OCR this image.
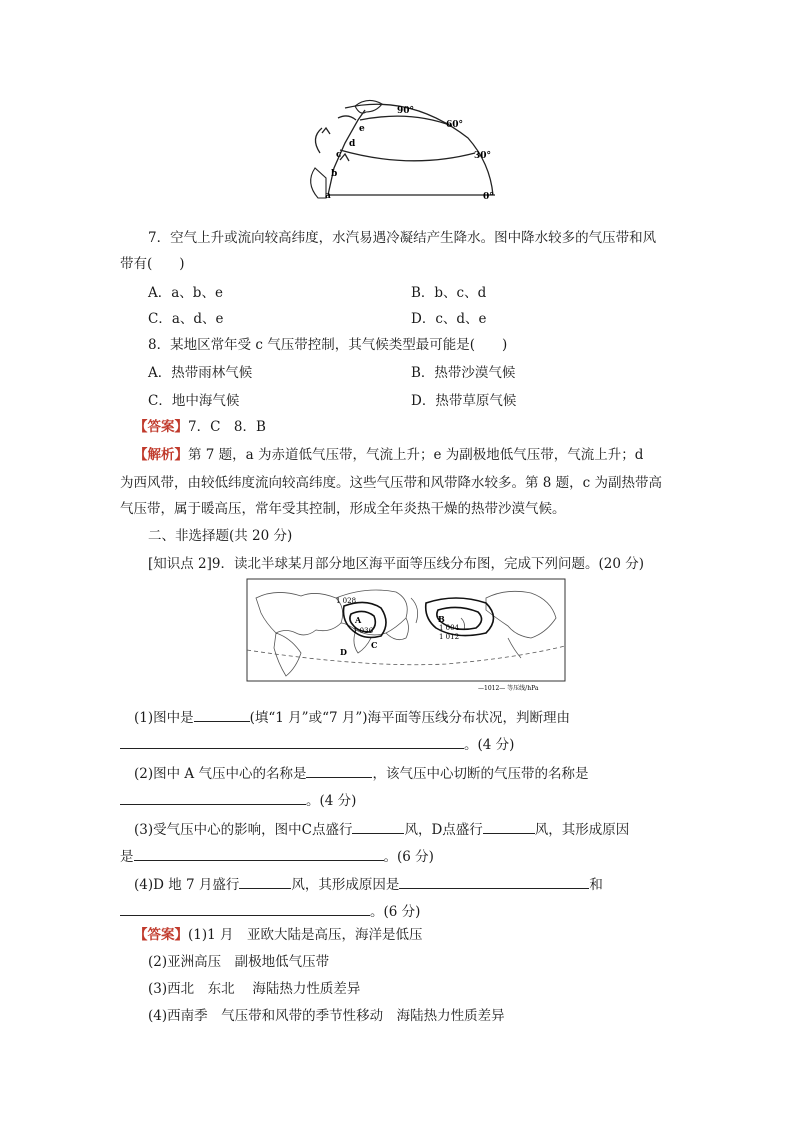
90°
60°
30°
0°
a
b
c
d
e
7．空气上升或流向较高纬度，水汽易遇冷凝结产生降水。图中降水较多的气压带和风
带有(　　)
A．a、b、e	B．b、c、d
C．a、d、e	D．c、d、e
8．某地区常年受 c 气压带控制，其气候类型最可能是(　　)
A．热带雨林气候	B．热带沙漠气候
C．地中海气候	D．热带草原气候
【答案】7．C　8．B
【解析】第 7 题，a 为赤道低气压带，气流上升；e 为副极地低气压带，气流上升；d
为西风带，由较低纬度流向较高纬度。这些气压带和风带降水较多。第 8 题，c 为副热带高
气压带，属于暖高压，常年受其控制，形成全年炎热干燥的热带沙漠气候。
二、非选择题(共 20 分)
[知识点 2]9．读北半球某月部分地区海平面等压线分布图，完成下列问题。(20 分)
1 028
A
1 036
B
1 004
1 012
C
D
—1012— 等压线/hPa
(1)图中是	(填“1 月”或“7 月”)海平面等压线分布状况，判断理由
。(4 分)
(2)图中 A 气压中心的名称是	，该气压中心切断的气压带的名称是
。(4 分)
(3)受气压中心的影响，图中C点盛行	风，D点盛行	风，其形成原因
是	。(6 分)
(4)D 地 7 月盛行	风，其形成原因是	和
。(6 分)
【答案】(1)1 月　亚欧大陆是高压，海洋是低压
(2)亚洲高压　副极地低气压带
(3)西北　东北　 海陆热力性质差异
(4)西南季　气压带和风带的季节性移动　海陆热力性质差异
